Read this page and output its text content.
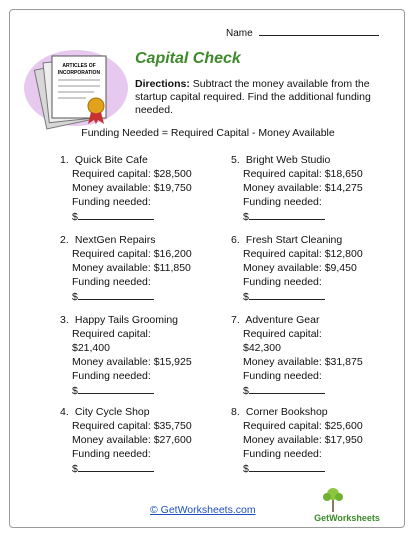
Name
ARTICLES OF
INCORPORATION
Capital Check
Directions: Subtract the money available from the startup capital required. Find the additional funding needed.
Funding Needed = Required Capital - Money Available
1. Quick Bite Cafe
Required capital: $28,500
Money available: $19,750
Funding needed:
$
2. NextGen Repairs
Required capital: $16,200
Money available: $11,850
Funding needed:
$
3. Happy Tails Grooming
Required capital:
$21,400
Money available: $15,925
Funding needed:
$
4. City Cycle Shop
Required capital: $35,750
Money available: $27,600
Funding needed:
$
5. Bright Web Studio
Required capital: $18,650
Money available: $14,275
Funding needed:
$
6. Fresh Start Cleaning
Required capital: $12,800
Money available: $9,450
Funding needed:
$
7. Adventure Gear
Required capital:
$42,300
Money available: $31,875
Funding needed:
$
8. Corner Bookshop
Required capital: $25,600
Money available: $17,950
Funding needed:
$
© GetWorksheets.com
GetWorksheets
